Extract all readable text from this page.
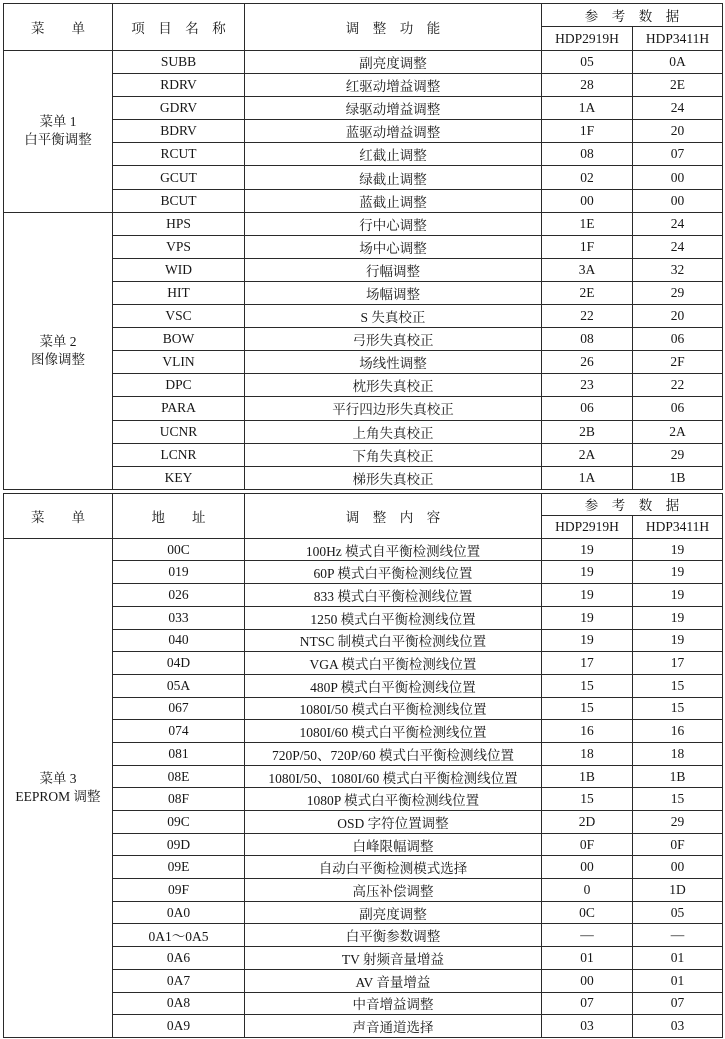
菜　　单	项　目　名　称	调　整　功　能	参　考　数　据	
			HDP2919H	HDP3411H

菜单 1
白平衡调整	SUBB	副亮度调整	05	0A
	RDRV	红驱动增益调整	28	2E
	GDRV	绿驱动增益调整	1A	24
	BDRV	蓝驱动增益调整	1F	20
	RCUT	红截止调整	08	07
	GCUT	绿截止调整	02	00
	BCUT	蓝截止调整	00	00

菜单 2
图像调整	HPS	行中心调整	1E	24
	VPS	场中心调整	1F	24
	WID	行幅调整	3A	32
	HIT	场幅调整	2E	29
	VSC	S 失真校正	22	20
	BOW	弓形失真校正	08	06
	VLIN	场线性调整	26	2F
	DPC	枕形失真校正	23	22
	PARA	平行四边形失真校正	06	06
	UCNR	上角失真校正	2B	2A
	LCNR	下角失真校正	2A	29
	KEY	梯形失真校正	1A	1B
菜　　单	地　　址	调　整　内　容	参　考　数　据	
			HDP2919H	HDP3411H

菜单 3
EEPROM 调整	00C	100Hz 模式自平衡检测线位置	19	19
	019	60P 模式白平衡检测线位置	19	19
	026	833 模式白平衡检测线位置	19	19
	033	1250 模式白平衡检测线位置	19	19
	040	NTSC 制模式白平衡检测线位置	19	19
	04D	VGA 模式白平衡检测线位置	17	17
	05A	480P 模式白平衡检测线位置	15	15
	067	1080I/50 模式白平衡检测线位置	15	15
	074	1080I/60 模式白平衡检测线位置	16	16
	081	720P/50、720P/60 模式白平衡检测线位置	18	18
	08E	1080I/50、1080I/60 模式白平衡检测线位置	1B	1B
	08F	1080P 模式白平衡检测线位置	15	15
	09C	OSD 字符位置调整	2D	29
	09D	白峰限幅调整	0F	0F
	09E	自动白平衡检测模式选择	00	00
	09F	高压补偿调整	0	1D
	0A0	副亮度调整	0C	05
	0A1～0A5	白平衡参数调整	—	—
	0A6	TV 射频音量增益	01	01
	0A7	AV 音量增益	00	01
	0A8	中音增益调整	07	07
	0A9	声音通道选择	03	03
